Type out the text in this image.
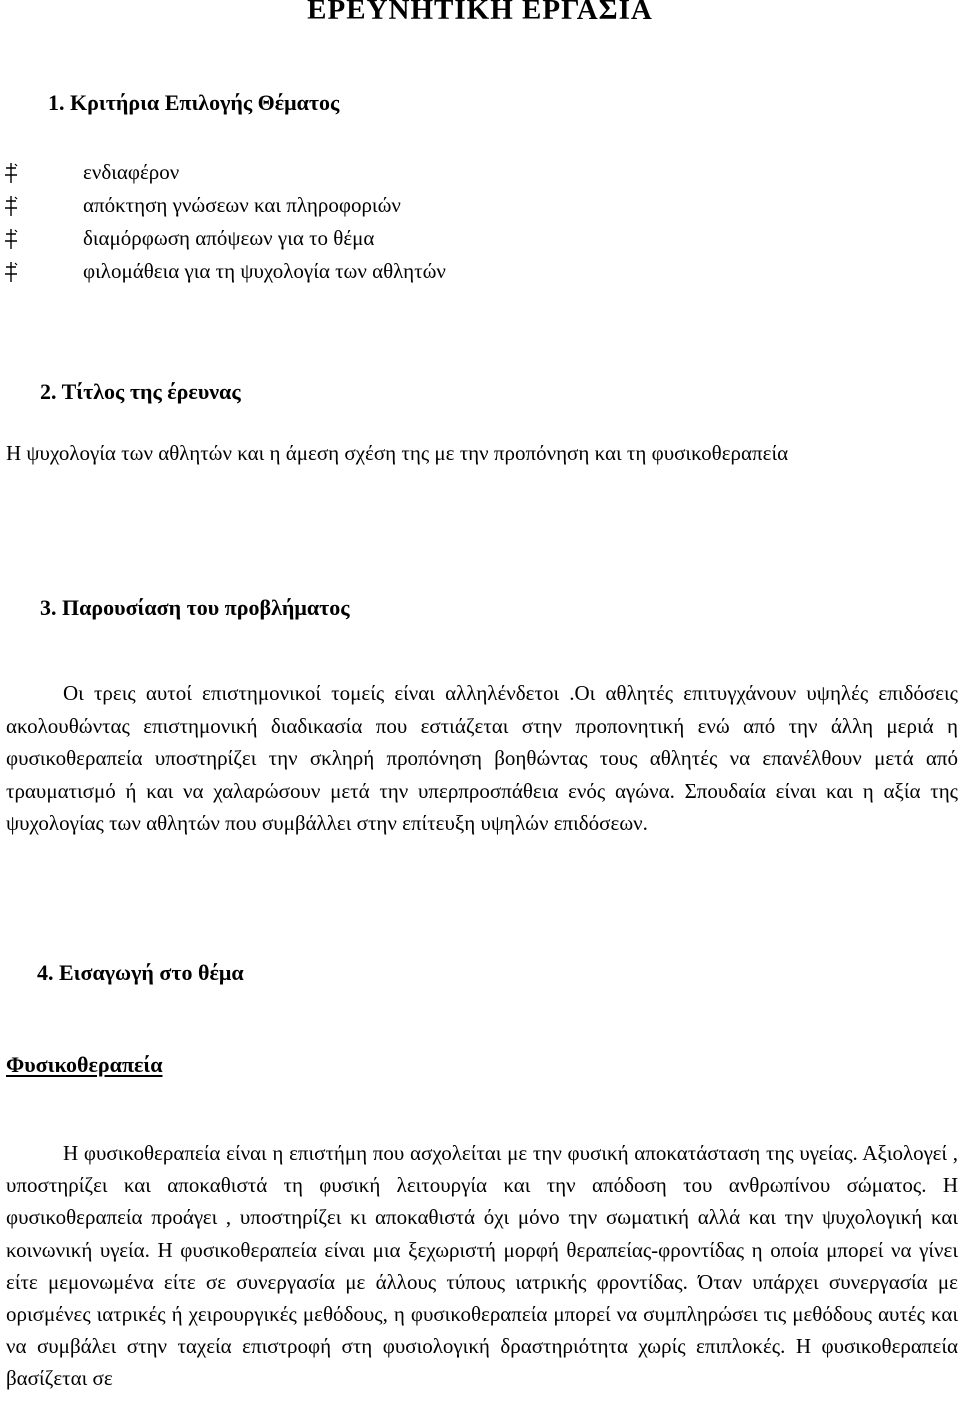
ΕΡΕΥΝΗΤΙΚΗ ΕΡΓΑΣΙΑ
1. Κριτήρια Επιλογής Θέματος
ενδιαφέρον
απόκτηση γνώσεων και πληροφοριών
διαμόρφωση απόψεων για το θέμα
φιλομάθεια για τη ψυχολογία των αθλητών
2. Τίτλος της έρευνας

Η ψυχολογία των αθλητών και η άμεση σχέση της με την προπόνηση και τη φυσικοθεραπεία

3. Παρουσίαση του προβλήματος

Οι τρεις αυτοί επιστημονικοί τομείς είναι αλληλένδετοι .Οι αθλητές επιτυγχάνουν υψηλές επιδόσεις ακολουθώντας επιστημονική διαδικασία που εστιάζεται στην προπονητική ενώ από την άλλη μεριά η φυσικοθεραπεία υποστηρίζει την σκληρή προπόνηση βοηθώντας τους αθλητές να επανέλθουν μετά από τραυματισμό ή και να χαλαρώσουν μετά την υπερπροσπάθεια ενός αγώνα. Σπουδαία είναι και η αξία της ψυχολογίας των αθλητών που συμβάλλει στην επίτευξη υψηλών επιδόσεων.

4. Εισαγωγή στο θέμα
Φυσικοθεραπεία

Η φυσικοθεραπεία είναι η επιστήμη που ασχολείται με την φυσική αποκατάσταση της υγείας. Αξιολογεί , υποστηρίζει και αποκαθιστά τη φυσική λειτουργία και την απόδοση του ανθρωπίνου σώματος. Η φυσικοθεραπεία προάγει , υποστηρίζει κι αποκαθιστά όχι μόνο την σωματική αλλά και την ψυχολογική και κοινωνική υγεία. Η φυσικοθεραπεία είναι μια ξεχωριστή μορφή θεραπείας-φροντίδας η οποία μπορεί να γίνει είτε μεμονωμένα είτε σε συνεργασία με άλλους τύπους ιατρικής φροντίδας. Όταν υπάρχει συνεργασία με ορισμένες ιατρικές ή χειρουργικές μεθόδους, η φυσικοθεραπεία μπορεί να συμπληρώσει τις μεθόδους αυτές και να συμβάλει στην ταχεία επιστροφή στη φυσιολογική δραστηριότητα χωρίς επιπλοκές. Η φυσικοθεραπεία βασίζεται σε
